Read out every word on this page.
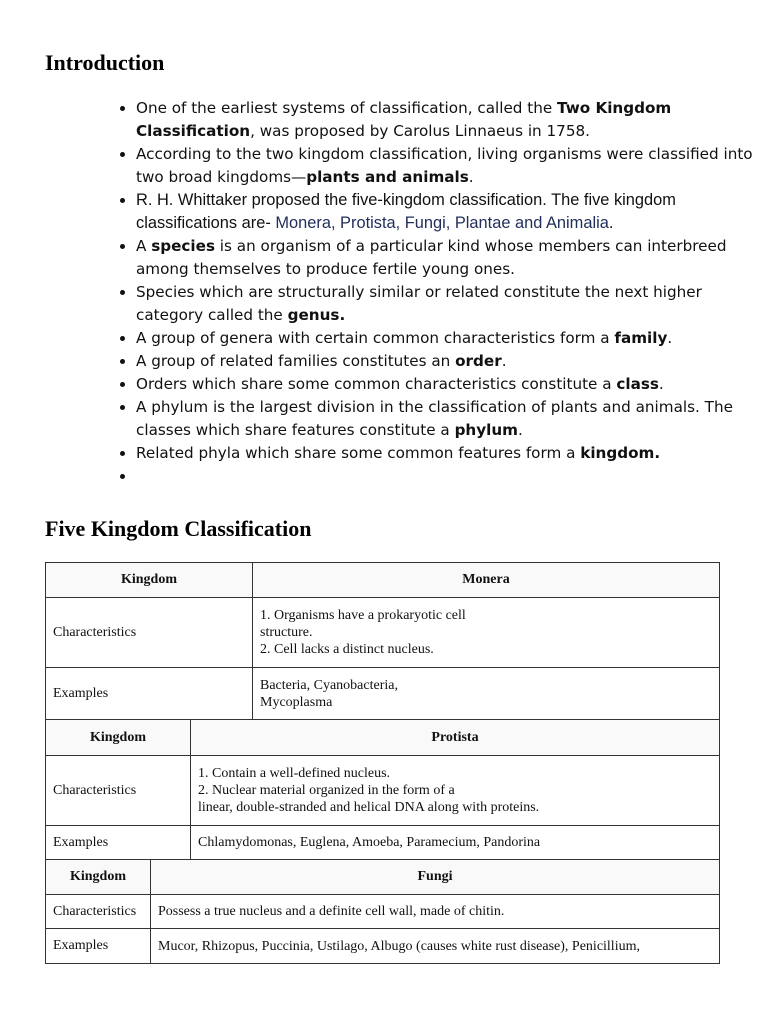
Introduction
• One of the earliest systems of classification, called the Two Kingdom Classification, was proposed by Carolus Linnaeus in 1758.
• According to the two kingdom classification, living organisms were classified into two broad kingdoms—plants and animals.
• R. H. Whittaker proposed the five-kingdom classification. The five kingdom classifications are- Monera, Protista, Fungi, Plantae and Animalia.
• A species is an organism of a particular kind whose members can interbreed among themselves to produce fertile young ones.
• Species which are structurally similar or related constitute the next higher category called the genus.
• A group of genera with certain common characteristics form a family.
• A group of related families constitutes an order.
• Orders which share some common characteristics constitute a class.
• A phylum is the largest division in the classification of plants and animals. The classes which share features constitute a phylum.
• Related phyla which share some common features form a kingdom.
•
Five Kingdom Classification
Kingdom	Monera
Characteristics	1. Organisms have a prokaryotic cell
structure.
2. Cell lacks a distinct nucleus.

Examples	Bacteria, Cyanobacteria,
Mycoplasma
Kingdom	Protista
Characteristics	1. Contain a well-defined nucleus.
2. Nuclear material organized in the form of a
linear, double-stranded and helical DNA along with proteins.

Examples	Chlamydomonas, Euglena, Amoeba, Paramecium, Pandorina
Kingdom	Fungi
Characteristics	Possess a true nucleus and a definite cell wall, made of chitin.

Examples	Mucor, Rhizopus, Puccinia, Ustilago, Albugo (causes white rust disease), Penicillium,
